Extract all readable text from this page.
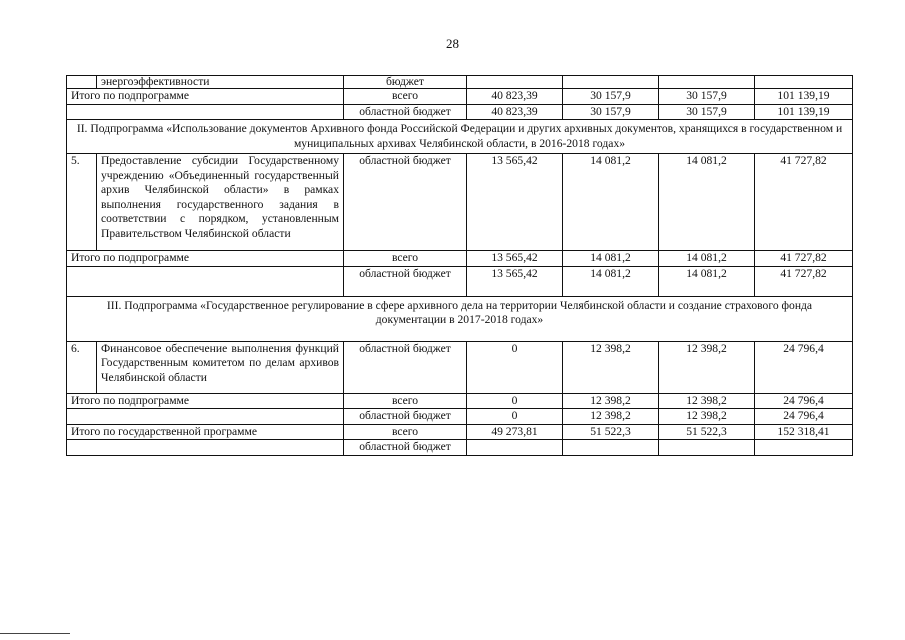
28
	энергоэффективности	бюджет				
Итого по подпрограмме		всего	40 823,39	30 157,9	30 157,9	101 139,19
		областной бюджет	40 823,39	30 157,9	30 157,9	101 139,19
II. Подпрограмма «Использование документов Архивного фонда Российской Федерации и других архивных документов, хранящихся в государственном и муниципальных архивах Челябинской области, в 2016-2018 годах»						
5.	Предоставление субсидии Государственному учреждению «Объединенный государственный архив Челябинской области» в рамках выполнения государственного задания в соответствии с порядком, установленным Правительством Челябинской области	областной бюджет	13 565,42	14 081,2	14 081,2	41 727,82
Итого по подпрограмме		всего	13 565,42	14 081,2	14 081,2	41 727,82
		областной бюджет	13 565,42	14 081,2	14 081,2	41 727,82
III. Подпрограмма «Государственное регулирование в сфере архивного дела на территории Челябинской области и создание страхового фонда документации в 2017-2018 годах»						
6.	Финансовое обеспечение выполнения функций Государственным комитетом по делам архивов Челябинской области	областной бюджет	0	12 398,2	12 398,2	24 796,4
Итого по подпрограмме		всего	0	12 398,2	12 398,2	24 796,4
		областной бюджет	0	12 398,2	12 398,2	24 796,4
Итого по государственной программе		всего	49 273,81	51 522,3	51 522,3	152 318,41
		областной бюджет				
